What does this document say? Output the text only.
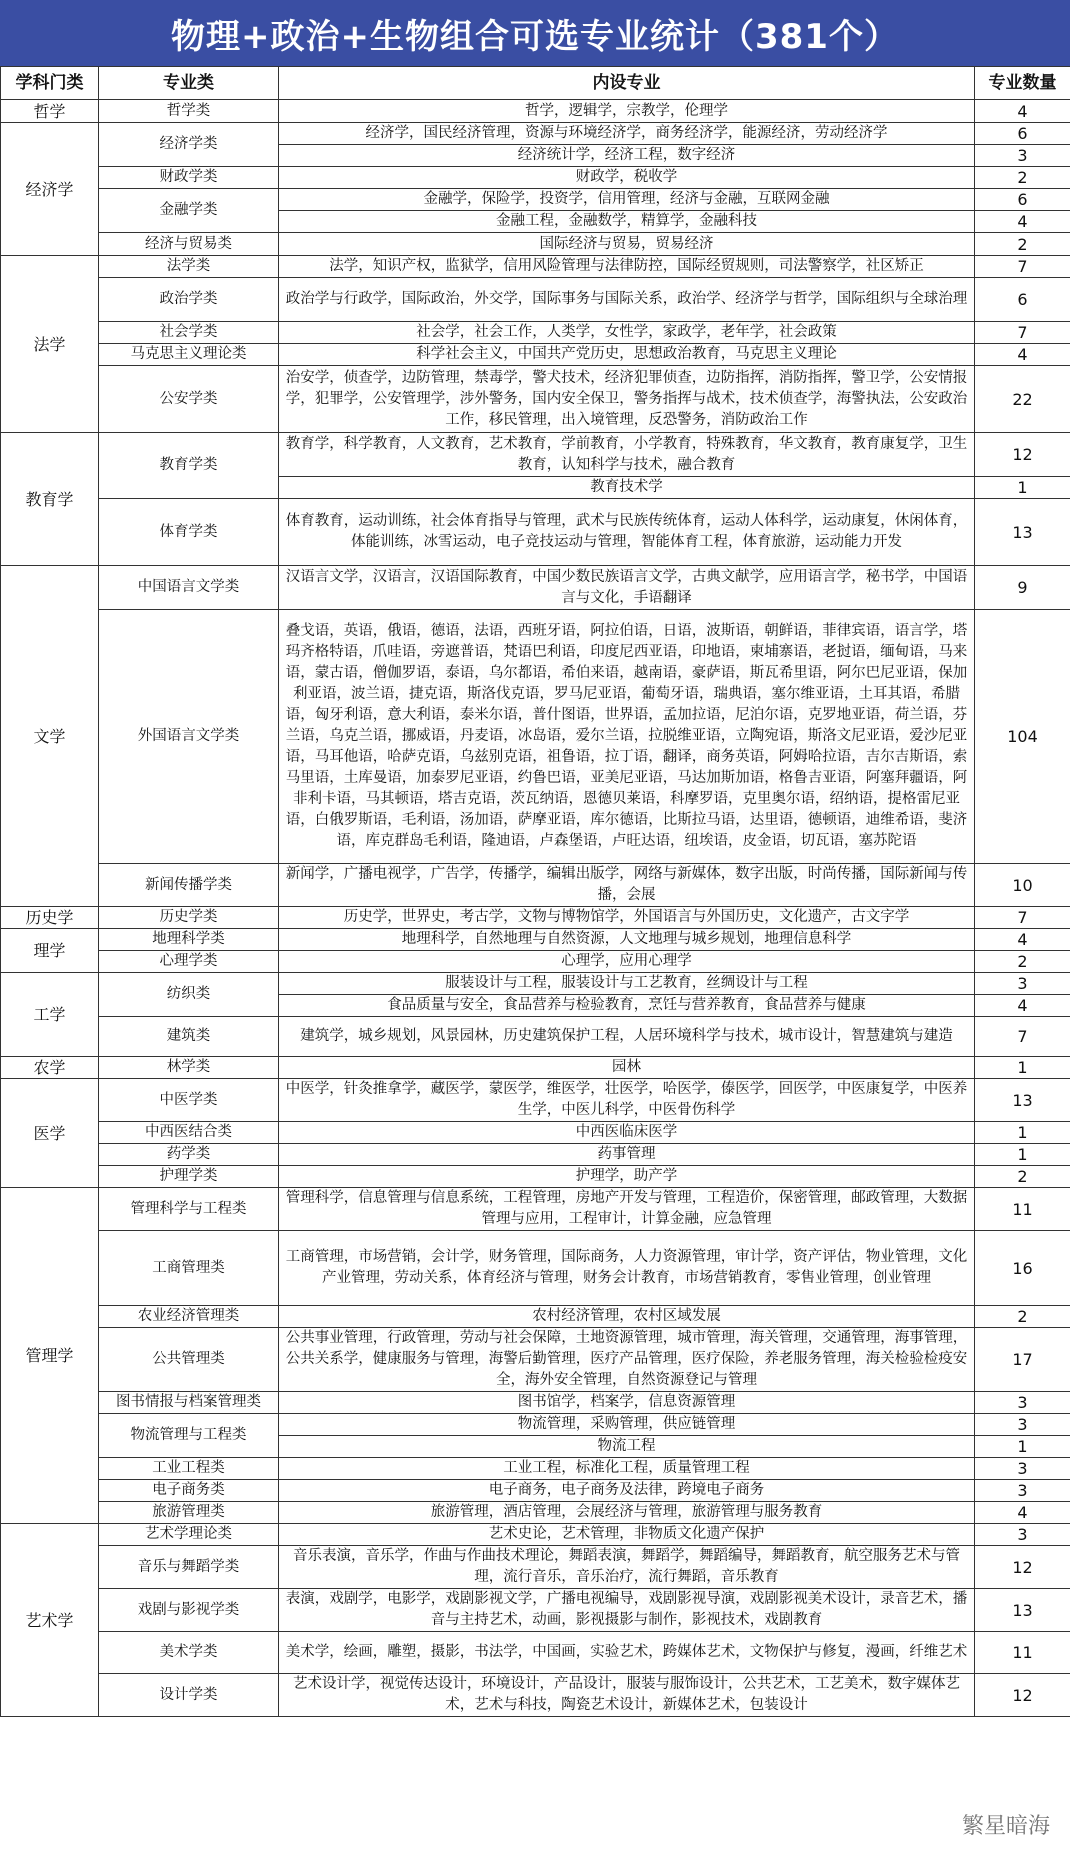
物理+政治+生物组合可选专业统计（381个）
学科门类	专业类	内设专业	专业数量
哲学	哲学类	哲学，逻辑学，宗教学，伦理学	4
经济学	经济学类	经济学，国民经济管理，资源与环境经济学，商务经济学，能源经济，劳动经济学	6
		经济统计学，经济工程，数字经济	3
	财政学类	财政学，税收学	2
	金融学类	金融学，保险学，投资学，信用管理，经济与金融，互联网金融	6
		金融工程，金融数学，精算学，金融科技	4
	经济与贸易类	国际经济与贸易，贸易经济	2
法学	法学类	法学，知识产权，监狱学，信用风险管理与法律防控，国际经贸规则，司法警察学，社区矫正	7
	政治学类	政治学与行政学，国际政治，外交学，国际事务与国际关系，政治学、经济学与哲学，国际组织与全球治理	6
	社会学类	社会学，社会工作，人类学，女性学，家政学，老年学，社会政策	7
	马克思主义理论类	科学社会主义，中国共产党历史，思想政治教育，马克思主义理论	4
	公安学类	治安学，侦查学，边防管理，禁毒学，警犬技术，经济犯罪侦查，边防指挥，消防指挥，警卫学，公安情报学，犯罪学，公安管理学，涉外警务，国内安全保卫，警务指挥与战术，技术侦查学，海警执法，公安政治工作，移民管理，出入境管理，反恐警务，消防政治工作	22
教育学	教育学类	教育学，科学教育，人文教育，艺术教育，学前教育，小学教育，特殊教育，华文教育，教育康复学，卫生教育，认知科学与技术，融合教育	12
		教育技术学	1
	体育学类	体育教育，运动训练，社会体育指导与管理，武术与民族传统体育，运动人体科学，运动康复，休闲体育，体能训练，冰雪运动，电子竞技运动与管理，智能体育工程，体育旅游，运动能力开发	13
文学	中国语言文学类	汉语言文学，汉语言，汉语国际教育，中国少数民族语言文学，古典文献学，应用语言学，秘书学，中国语言与文化，手语翻译	9
	外国语言文学类	叠戈语，英语，俄语，德语，法语，西班牙语，阿拉伯语，日语，波斯语，朝鲜语，菲律宾语，语言学，塔玛齐格特语，爪哇语，旁遮普语，梵语巴利语，印度尼西亚语，印地语，柬埔寨语，老挝语，缅甸语，马来语，蒙古语，僧伽罗语，泰语，乌尔都语，希伯来语，越南语，豪萨语，斯瓦希里语，阿尔巴尼亚语，保加利亚语，波兰语，捷克语，斯洛伐克语，罗马尼亚语，葡萄牙语，瑞典语，塞尔维亚语，土耳其语，希腊语，匈牙利语，意大利语，泰米尔语，普什图语，世界语，孟加拉语，尼泊尔语，克罗地亚语，荷兰语，芬兰语，乌克兰语，挪威语，丹麦语，冰岛语，爱尔兰语，拉脱维亚语，立陶宛语，斯洛文尼亚语，爱沙尼亚语，马耳他语，哈萨克语，乌兹别克语，祖鲁语，拉丁语，翻译，商务英语，阿姆哈拉语，吉尔吉斯语，索马里语，土库曼语，加泰罗尼亚语，约鲁巴语，亚美尼亚语，马达加斯加语，格鲁吉亚语，阿塞拜疆语，阿非利卡语，马其顿语，塔吉克语，茨瓦纳语，恩德贝莱语，科摩罗语，克里奥尔语，绍纳语，提格雷尼亚语，白俄罗斯语，毛利语，汤加语，萨摩亚语，库尔德语，比斯拉马语，达里语，德顿语，迪维希语，斐济语，库克群岛毛利语，隆迪语，卢森堡语，卢旺达语，纽埃语，皮金语，切瓦语，塞苏陀语	104
	新闻传播学类	新闻学，广播电视学，广告学，传播学，编辑出版学，网络与新媒体，数字出版，时尚传播，国际新闻与传播，会展	10
历史学	历史学类	历史学，世界史，考古学，文物与博物馆学，外国语言与外国历史，文化遗产，古文字学	7
理学	地理科学类	地理科学，自然地理与自然资源，人文地理与城乡规划，地理信息科学	4
	心理学类	心理学，应用心理学	2
工学	纺织类	服装设计与工程，服装设计与工艺教育，丝绸设计与工程	3
		食品质量与安全，食品营养与检验教育，烹饪与营养教育，食品营养与健康	4
	建筑类	建筑学，城乡规划，风景园林，历史建筑保护工程，人居环境科学与技术，城市设计，智慧建筑与建造	7
农学	林学类	园林	1
医学	中医学类	中医学，针灸推拿学，藏医学，蒙医学，维医学，壮医学，哈医学，傣医学，回医学，中医康复学，中医养生学，中医儿科学，中医骨伤科学	13
	中西医结合类	中西医临床医学	1
	药学类	药事管理	1
	护理学类	护理学，助产学	2
管理学	管理科学与工程类	管理科学，信息管理与信息系统，工程管理，房地产开发与管理，工程造价，保密管理，邮政管理，大数据管理与应用，工程审计，计算金融，应急管理	11
	工商管理类	工商管理，市场营销，会计学，财务管理，国际商务，人力资源管理，审计学，资产评估，物业管理，文化产业管理，劳动关系，体育经济与管理，财务会计教育，市场营销教育，零售业管理，创业管理	16
	农业经济管理类	农村经济管理，农村区域发展	2
	公共管理类	公共事业管理，行政管理，劳动与社会保障，土地资源管理，城市管理，海关管理，交通管理，海事管理，公共关系学，健康服务与管理，海警后勤管理，医疗产品管理，医疗保险，养老服务管理，海关检验检疫安全，海外安全管理，自然资源登记与管理	17
	图书情报与档案管理类	图书馆学，档案学，信息资源管理	3
	物流管理与工程类	物流管理，采购管理，供应链管理	3
		物流工程	1
	工业工程类	工业工程，标准化工程，质量管理工程	3
	电子商务类	电子商务，电子商务及法律，跨境电子商务	3
	旅游管理类	旅游管理，酒店管理，会展经济与管理，旅游管理与服务教育	4
艺术学	艺术学理论类	艺术史论，艺术管理，非物质文化遗产保护	3
	音乐与舞蹈学类	音乐表演，音乐学，作曲与作曲技术理论，舞蹈表演，舞蹈学，舞蹈编导，舞蹈教育，航空服务艺术与管理，流行音乐，音乐治疗，流行舞蹈，音乐教育	12
	戏剧与影视学类	表演，戏剧学，电影学，戏剧影视文学，广播电视编导，戏剧影视导演，戏剧影视美术设计，录音艺术，播音与主持艺术，动画，影视摄影与制作，影视技术，戏剧教育	13
	美术学类	美术学，绘画，雕塑，摄影，书法学，中国画，实验艺术，跨媒体艺术，文物保护与修复，漫画，纤维艺术	11
	设计学类	艺术设计学，视觉传达设计，环境设计，产品设计，服装与服饰设计，公共艺术，工艺美术，数字媒体艺术，艺术与科技，陶瓷艺术设计，新媒体艺术，包装设计	12
繁星暗海
